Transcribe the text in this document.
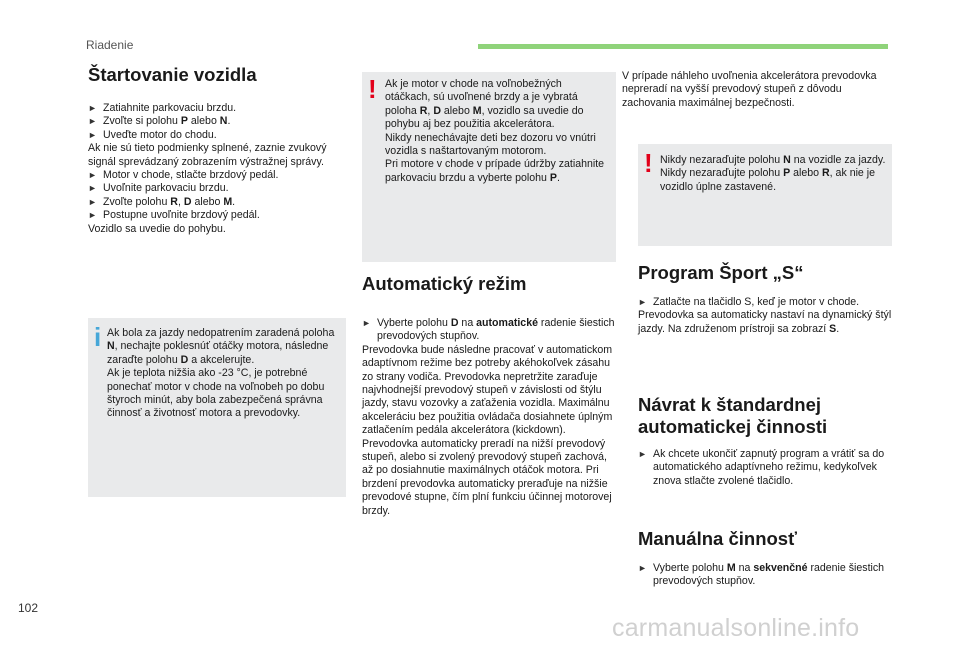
Riadenie
Štartovanie vozidla
► Zatiahnite parkovaciu brzdu.
► Zvoľte si polohu P alebo N.
► Uveďte motor do chodu.
Ak nie sú tieto podmienky splnené, zaznie zvukový signál sprevádzaný zobrazením výstražnej správy.
► Motor v chode, stlačte brzdový pedál.
► Uvoľnite parkovaciu brzdu.
► Zvoľte polohu R, D alebo M.
► Postupne uvoľnite brzdový pedál.
Vozidlo sa uvedie do pohybu.
i Ak bola za jazdy nedopatrením zaradená poloha N, nechajte poklesnúť otáčky motora, následne zaraďte polohu D a akcelerujte.
Ak je teplota nižšia ako -23 °C, je potrebné ponechať motor v chode na voľnobeh po dobu štyroch minút, aby bola zabezpečená správna činnosť a životnosť motora a prevodovky.
! Ak je motor v chode na voľnobežných otáčkach, sú uvoľnené brzdy a je vybratá poloha R, D alebo M, vozidlo sa uvedie do pohybu aj bez použitia akcelerátora.
Nikdy nenechávajte deti bez dozoru vo vnútri vozidla s naštartovaným motorom.
Pri motore v chode v prípade údržby zatiahnite parkovaciu brzdu a vyberte polohu P.
Automatický režim
► Vyberte polohu D na automatické radenie šiestich prevodových stupňov.
Prevodovka bude následne pracovať v automatickom adaptívnom režime bez potreby akéhokoľvek zásahu zo strany vodiča. Prevodovka nepretržite zaraďuje najvhodnejší prevodový stupeň v závislosti od štýlu jazdy, stavu vozovky a zaťaženia vozidla. Maximálnu akceleráciu bez použitia ovládača dosiahnete úplným zatlačením pedála akcelerátora (kickdown). Prevodovka automaticky preradí na nižší prevodový stupeň, alebo si zvolený prevodový stupeň zachová, až po dosiahnutie maximálnych otáčok motora. Pri brzdení prevodovka automaticky preraďuje na nižšie prevodové stupne, čím plní funkciu účinnej motorovej brzdy.
V prípade náhleho uvoľnenia akcelerátora prevodovka nepreradí na vyšší prevodový stupeň z dôvodu zachovania maximálnej bezpečnosti.
! Nikdy nezaraďujte polohu N na vozidle za jazdy.
Nikdy nezaraďujte polohu P alebo R, ak nie je vozidlo úplne zastavené.
Program Šport „S“
► Zatlačte na tlačidlo S, keď je motor v chode.
Prevodovka sa automaticky nastaví na dynamický štýl jazdy. Na združenom prístroji sa zobrazí S.
Návrat k štandardnej
automatickej činnosti
► Ak chcete ukončiť zapnutý program a vrátiť sa do automatického adaptívneho režimu, kedykoľvek znova stlačte zvolené tlačidlo.
Manuálna činnosť
► Vyberte polohu M na sekvenčné radenie šiestich prevodových stupňov.
102
carmanualsonline.info
